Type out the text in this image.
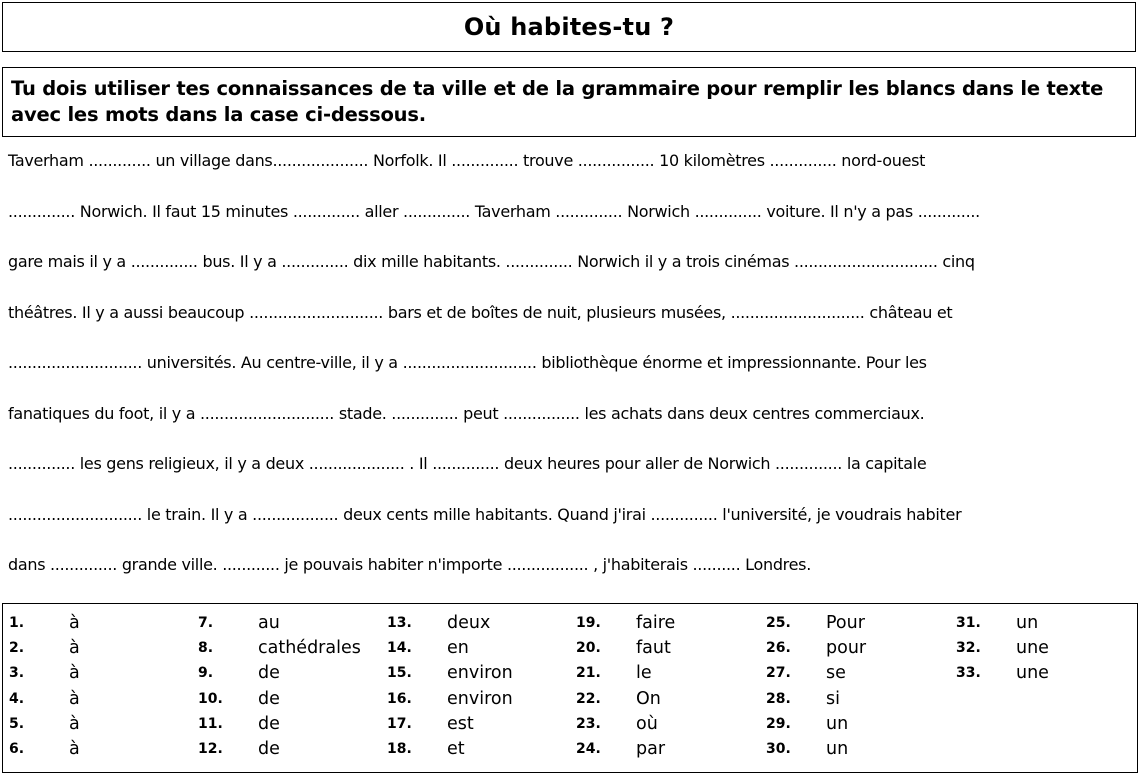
Où habites-tu ?

Tu dois utiliser tes connaissances de ta ville et de la grammaire pour remplir les blancs dans le texte avec les mots dans la case ci-dessous.

Taverham ............. un village dans.................... Norfolk. Il .............. trouve ................ 10 kilomètres .............. nord-ouest
.............. Norwich. Il faut 15 minutes .............. aller .............. Taverham .............. Norwich .............. voiture. Il n'y a pas .............
gare mais il y a .............. bus. Il y a .............. dix mille habitants. .............. Norwich il y a trois cinémas .............................. cinq
théâtres. Il y a aussi beaucoup ............................ bars et de boîtes de nuit, plusieurs musées, ............................ château et
............................ universités. Au centre-ville, il y a ............................ bibliothèque énorme et impressionnante. Pour les
fanatiques du foot, il y a ............................ stade. .............. peut ................ les achats dans deux centres commerciaux.
.............. les gens religieux, il y a deux .................... . Il .............. deux heures pour aller de Norwich .............. la capitale
............................ le train. Il y a .................. deux cents mille habitants. Quand j'irai .............. l'université, je voudrais habiter
dans .............. grande ville. ............ je pouvais habiter n'importe ................. , j'habiterais .......... Londres.
1.	à
2.	à
3.	à
4.	à
5.	à
6.	à
7.	au
8.	cathédrales
9.	de
10.	de
11.	de
12.	de
13.	deux
14.	en
15.	environ
16.	environ
17.	est
18.	et
19.	faire
20.	faut
21.	le
22.	On
23.	où
24.	par
25.	Pour
26.	pour
27.	se
28.	si
29.	un
30.	un
31.	un
32.	une
33.	une
